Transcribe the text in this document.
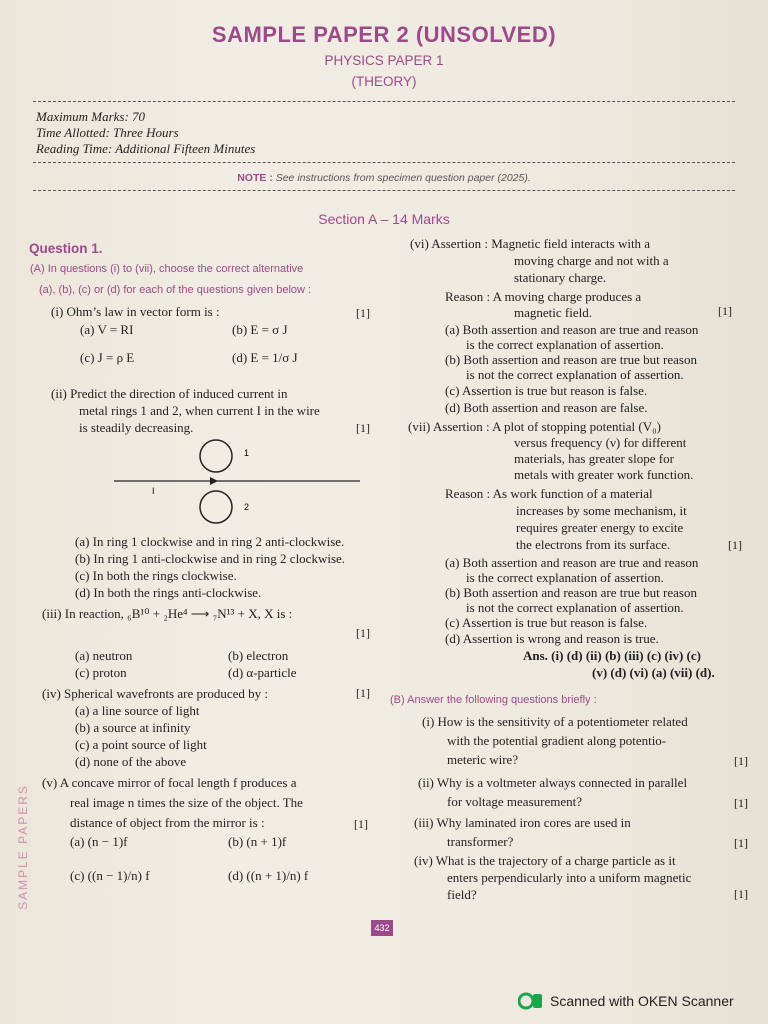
SAMPLE PAPER 2 (UNSOLVED)
PHYSICS PAPER 1
(THEORY)
Maximum Marks: 70
Time Allotted: Three Hours
Reading Time: Additional Fifteen Minutes
NOTE : See instructions from specimen question paper (2025).
Section A – 14 Marks
Question 1.
(A) In questions (i) to (vii), choose the correct alternative
(a), (b), (c) or (d) for each of the questions given below :
(i) Ohm’s law in vector form is :	[1]
(a) V = RI	(b) E = σ J
(c) J = ρ E	(d) E = 1/σ J
(ii) Predict the direction of induced current in
metal rings 1 and 2, when current I in the wire
is steadily decreasing.	[1]
1
2
I
(a) In ring 1 clockwise and in ring 2 anti-clockwise.
(b) In ring 1 anti-clockwise and in ring 2 clockwise.
(c) In both the rings clockwise.
(d) In both the rings anti-clockwise.
(iii) In reaction, ₆B¹⁰ + ₂He⁴ ⟶ ₇N¹³ + X, X is :
[1]
(a) neutron	(b) electron
(c) proton	(d) α-particle
(iv) Spherical wavefronts are produced by :	[1]
(a) a line source of light
(b) a source at infinity
(c) a point source of light
(d) none of the above
(v) A concave mirror of focal length f produces a
real image n times the size of the object. The
distance of object from the mirror is :	[1]
(a) (n − 1)f	(b) (n + 1)f
(c) ((n − 1)/n) f	(d) ((n + 1)/n) f
(vi) Assertion : Magnetic field interacts with a
moving charge and not with a
stationary charge.
Reason : A moving charge produces a
magnetic field.	[1]
(a) Both assertion and reason are true and reason
is the correct explanation of assertion.
(b) Both assertion and reason are true but reason
is not the correct explanation of assertion.
(c) Assertion is true but reason is false.
(d) Both assertion and reason are false.
(vii) Assertion : A plot of stopping potential (V₀)
versus frequency (ν) for different
materials, has greater slope for
metals with greater work function.
Reason : As work function of a material
increases by some mechanism, it
requires greater energy to excite
the electrons from its surface.	[1]
(a) Both assertion and reason are true and reason
is the correct explanation of assertion.
(b) Both assertion and reason are true but reason
is not the correct explanation of assertion.
(c) Assertion is true but reason is false.
(d) Assertion is wrong and reason is true.
Ans. (i) (d) (ii) (b) (iii) (c) (iv) (c)
(v) (d) (vi) (a) (vii) (d).
(B) Answer the following questions briefly :
(i) How is the sensitivity of a potentiometer related
with the potential gradient along potentio-
meteric wire?	[1]
(ii) Why is a voltmeter always connected in parallel
for voltage measurement?	[1]
(iii) Why laminated iron cores are used in
transformer?	[1]
(iv) What is the trajectory of a charge particle as it
enters perpendicularly into a uniform magnetic
field?	[1]
432
SAMPLE PAPERS
Scanned with OKEN Scanner
